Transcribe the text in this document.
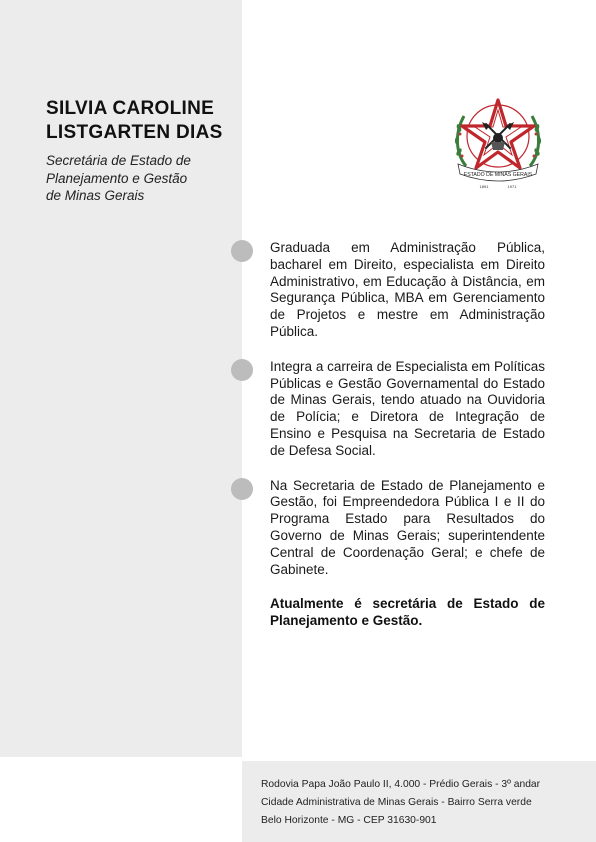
SILVIA CAROLINE
LISTGARTEN DIAS
Secretária de Estado de
Planejamento e Gestão
de Minas Gerais
ESTADO DE MINAS GERAIS
1891	1971
Graduada em Administração Pública, bacharel em Direito, especialista em Direito Administrativo, em Educação à Distância, em Segurança Pública, MBA em Gerenciamento de Projetos e mestre em Administração Pública.
Integra a carreira de Especialista em Políticas Públicas e Gestão Governamental do Estado de Minas Gerais, tendo atuado na Ouvidoria de Polícia; e Diretora de Integração de Ensino e Pesquisa na Secretaria de Estado de Defesa Social.
Na Secretaria de Estado de Planejamento e Gestão, foi Empreendedora Pública I e II do Programa Estado para Resultados do Governo de Minas Gerais; superintendente Central de Coordenação Geral; e chefe de Gabinete.
Atualmente é secretária de Estado de Planejamento e Gestão.
Rodovia Papa João Paulo II, 4.000 - Prédio Gerais - 3º andar
Cidade Administrativa de Minas Gerais - Bairro Serra verde
Belo Horizonte - MG - CEP 31630-901
